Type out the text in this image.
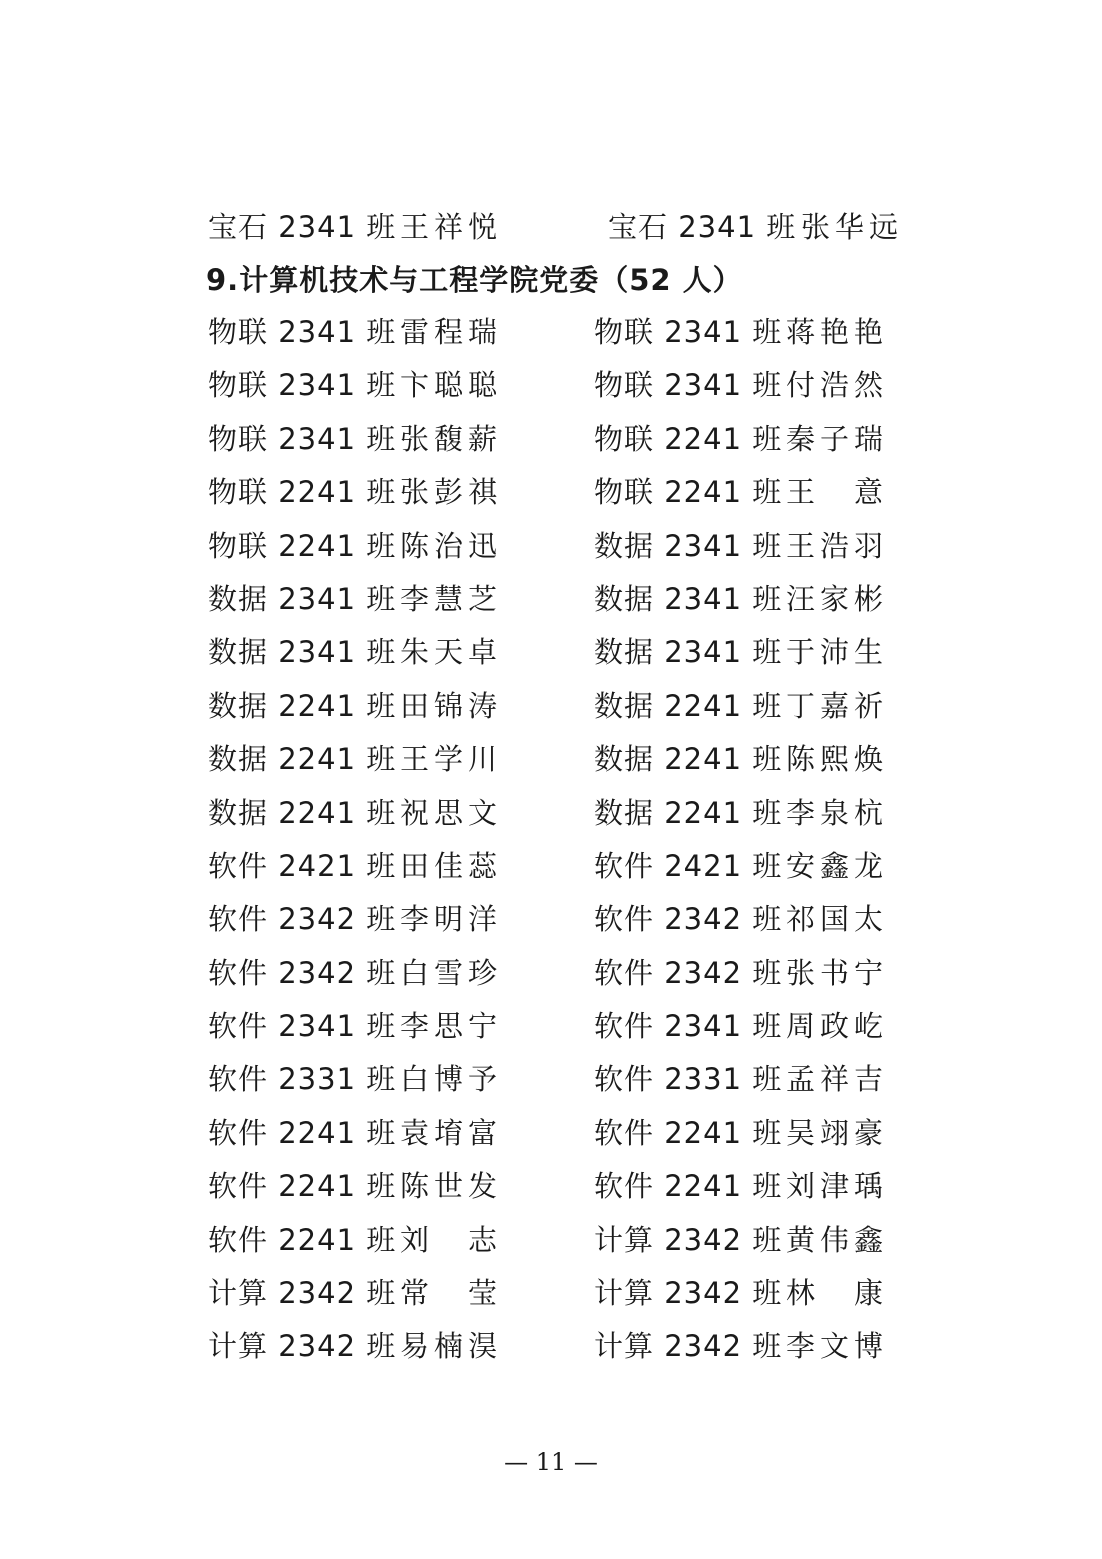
宝石 2341 班 王祥悦	宝石 2341 班 张华远
9.计算机技术与工程学院党委（52 人）
物联 2341 班 雷程瑞	物联 2341 班 蒋艳艳
物联 2341 班 卞聪聪	物联 2341 班 付浩然
物联 2341 班 张馥薪	物联 2241 班 秦子瑞
物联 2241 班 张彭祺	物联 2241 班 王　意
物联 2241 班 陈治迅	数据 2341 班 王浩羽
数据 2341 班 李慧芝	数据 2341 班 汪家彬
数据 2341 班 朱天卓	数据 2341 班 于沛生
数据 2241 班 田锦涛	数据 2241 班 丁嘉祈
数据 2241 班 王学川	数据 2241 班 陈熙焕
数据 2241 班 祝思文	数据 2241 班 李泉杭
软件 2421 班 田佳蕊	软件 2421 班 安鑫龙
软件 2342 班 李明洋	软件 2342 班 祁国太
软件 2342 班 白雪珍	软件 2342 班 张书宁
软件 2341 班 李思宁	软件 2341 班 周政屹
软件 2331 班 白博予	软件 2331 班 孟祥吉
软件 2241 班 袁堉富	软件 2241 班 吴翊豪
软件 2241 班 陈世发	软件 2241 班 刘津瑀
软件 2241 班 刘　志	计算 2342 班 黄伟鑫
计算 2342 班 常　莹	计算 2342 班 林　康
计算 2342 班 易楠淏	计算 2342 班 李文博
— 11 —
